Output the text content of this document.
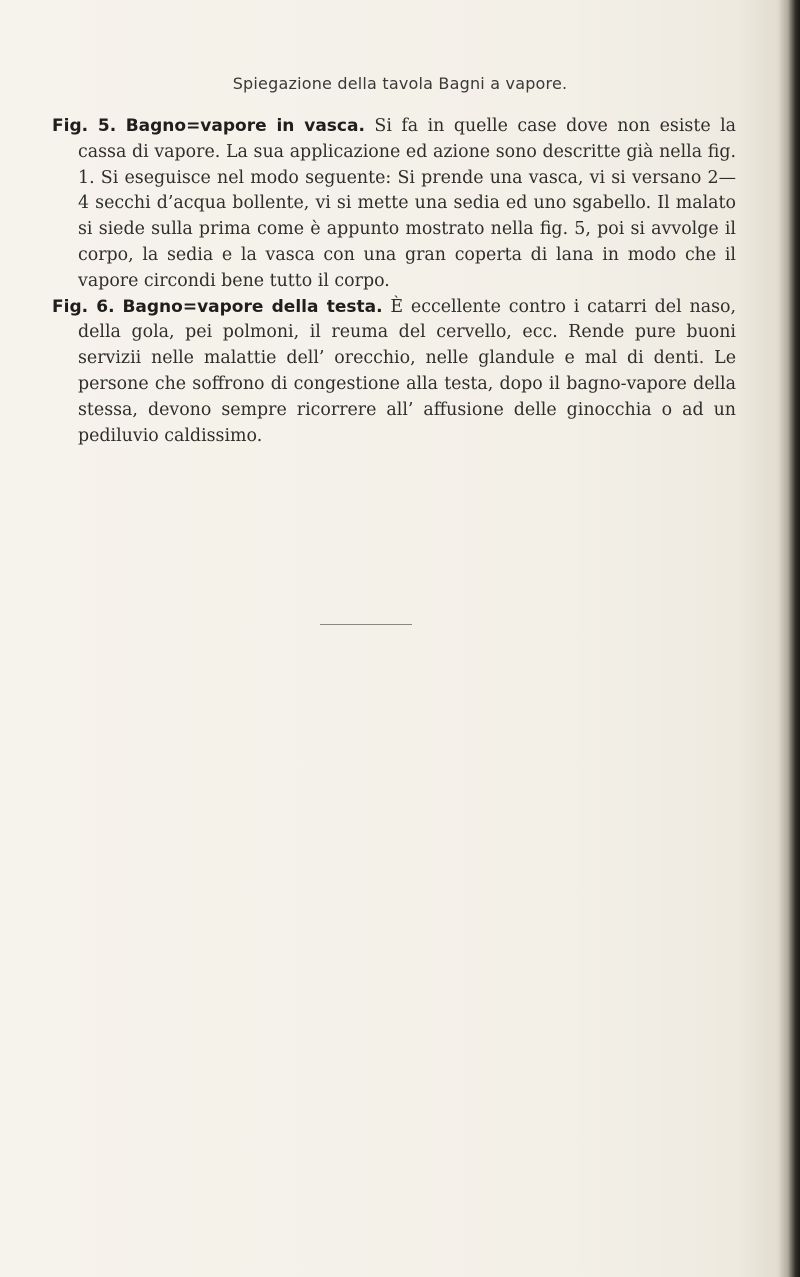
Spiegazione della tavola Bagni a vapore.

Fig. 5. Bagno=vapore in vasca. Si fa in quelle case dove non esiste la cassa di vapore. La sua applicazione ed azione sono descritte già nella fig. 1. Si eseguisce nel modo seguente: Si prende una vasca, vi si versano 2—4 secchi d’acqua bollente, vi si mette una sedia ed uno sgabello. Il malato si siede sulla prima come è appunto mostrato nella fig. 5, poi si avvolge il corpo, la sedia e la vasca con una gran coperta di lana in modo che il vapore circondi bene tutto il corpo.

Fig. 6. Bagno=vapore della testa. È eccellente contro i catarri del naso, della gola, pei polmoni, il reuma del cervello, ecc. Rende pure buoni servizii nelle malattie dell’ orecchio, nelle glandule e mal di denti. Le persone che soffrono di congestione alla testa, dopo il bagno-vapore della stessa, devono sempre ricorrere all’ affusione delle ginocchia o ad un pediluvio caldissimo.
